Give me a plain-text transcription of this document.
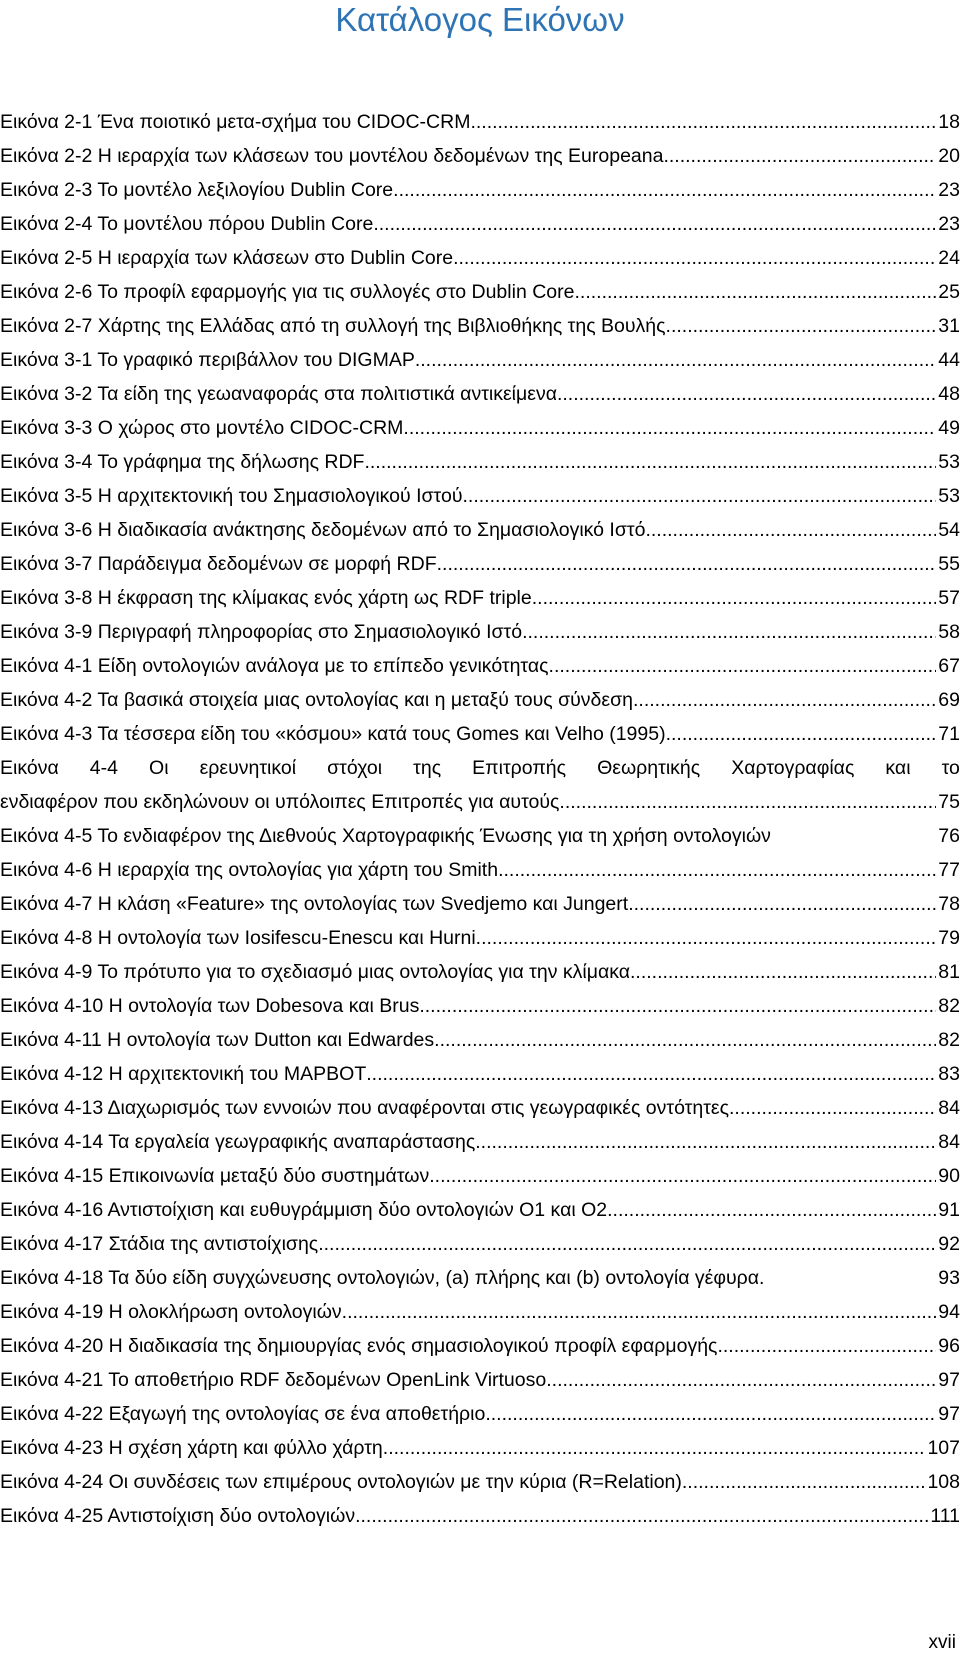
Κατάλογος Εικόνων
Εικόνα 2-1 Ένα ποιοτικό μετα-σχήμα του CIDOC-CRM .....	18
Εικόνα 2-2 Η ιεραρχία των κλάσεων του μοντέλου δεδομένων της Europeana .....	20
Εικόνα 2-3 Το μοντέλο λεξιλογίου Dublin Core .....	23
Εικόνα 2-4 Το μοντέλου πόρου Dublin Core .....	23
Εικόνα 2-5 Η ιεραρχία των κλάσεων στο Dublin Core .....	24
Εικόνα 2-6 Το προφίλ εφαρμογής για τις συλλογές στο Dublin Core .....	25
Εικόνα 2-7 Χάρτης της Ελλάδας από τη συλλογή της Βιβλιοθήκης της Βουλής .....	31
Εικόνα 3-1 Το γραφικό περιβάλλον του DIGMAP .....	44
Εικόνα 3-2 Τα είδη της γεωαναφοράς στα πολιτιστικά αντικείμενα .....	48
Εικόνα 3-3 Ο χώρος στο μοντέλο CIDOC-CRM .....	49
Εικόνα 3-4 Το γράφημα της δήλωσης RDF .....	53
Εικόνα 3-5 Η αρχιτεκτονική του Σημασιολογικού Ιστού .....	53
Εικόνα 3-6 Η διαδικασία ανάκτησης δεδομένων από το Σημασιολογικό Ιστό .....	54
Εικόνα 3-7 Παράδειγμα δεδομένων σε μορφή RDF .....	55
Εικόνα 3-8 Η έκφραση της κλίμακας ενός χάρτη ως RDF triple .....	57
Εικόνα 3-9 Περιγραφή πληροφορίας στο Σημασιολογικό Ιστό .....	58
Εικόνα 4-1 Είδη οντολογιών ανάλογα με το επίπεδο γενικότητας .....	67
Εικόνα 4-2 Τα βασικά στοιχεία μιας οντολογίας και η μεταξύ τους σύνδεση .....	69
Εικόνα 4-3 Τα τέσσερα είδη του «κόσμου» κατά τους Gomes και Velho (1995) .....	71
Εικόνα 4-4 Οι ερευνητικοί στόχοι της Επιτροπής Θεωρητικής Χαρτογραφίας και το
ενδιαφέρον που εκδηλώνουν οι υπόλοιπες Επιτροπές για αυτούς .....	75
Εικόνα 4-5 Το ενδιαφέρον της Διεθνούς Χαρτογραφικής Ένωσης για τη χρήση οντολογιών	76
Εικόνα 4-6 Η ιεραρχία της οντολογίας για χάρτη του Smith .....	77
Εικόνα 4-7 Η κλάση «Feature» της οντολογίας των Svedjemo και Jungert .....	78
Εικόνα 4-8 Η οντολογία των Iosifescu-Enescu και Hurni .....	79
Εικόνα 4-9 Το πρότυπο για το σχεδιασμό μιας οντολογίας για την κλίμακα .....	81
Εικόνα 4-10 Η οντολογία των Dobesova και Brus .....	82
Εικόνα 4-11 Η οντολογία των Dutton και Edwardes .....	82
Εικόνα 4-12 Η αρχιτεκτονική του MAPBOT .....	83
Εικόνα 4-13 Διαχωρισμός των εννοιών που αναφέρονται στις γεωγραφικές οντότητες .....	84
Εικόνα 4-14 Τα εργαλεία γεωγραφικής αναπαράστασης .....	84
Εικόνα 4-15 Επικοινωνία μεταξύ δύο συστημάτων .....	90
Εικόνα 4-16 Αντιστοίχιση και ευθυγράμμιση δύο οντολογιών Ο1 και Ο2 .....	91
Εικόνα 4-17 Στάδια της αντιστοίχισης .....	92
Εικόνα 4-18 Τα δύο είδη συγχώνευσης οντολογιών, (a) πλήρης και (b) οντολογία γέφυρα.	93
Εικόνα 4-19 Η ολοκλήρωση οντολογιών .....	94
Εικόνα 4-20 Η διαδικασία της δημιουργίας ενός σημασιολογικού προφίλ εφαρμογής .....	96
Εικόνα 4-21 Το αποθετήριο RDF δεδομένων OpenLink Virtuoso .....	97
Εικόνα 4-22 Εξαγωγή της οντολογίας σε ένα αποθετήριο .....	97
Εικόνα 4-23 Η σχέση χάρτη και φύλλο χάρτη .....	107
Εικόνα 4-24 Οι συνδέσεις των επιμέρους οντολογιών με την κύρια (R=Relation) .....	108
Εικόνα 4-25 Αντιστοίχιση δύο οντολογιών .....	111
xvii
